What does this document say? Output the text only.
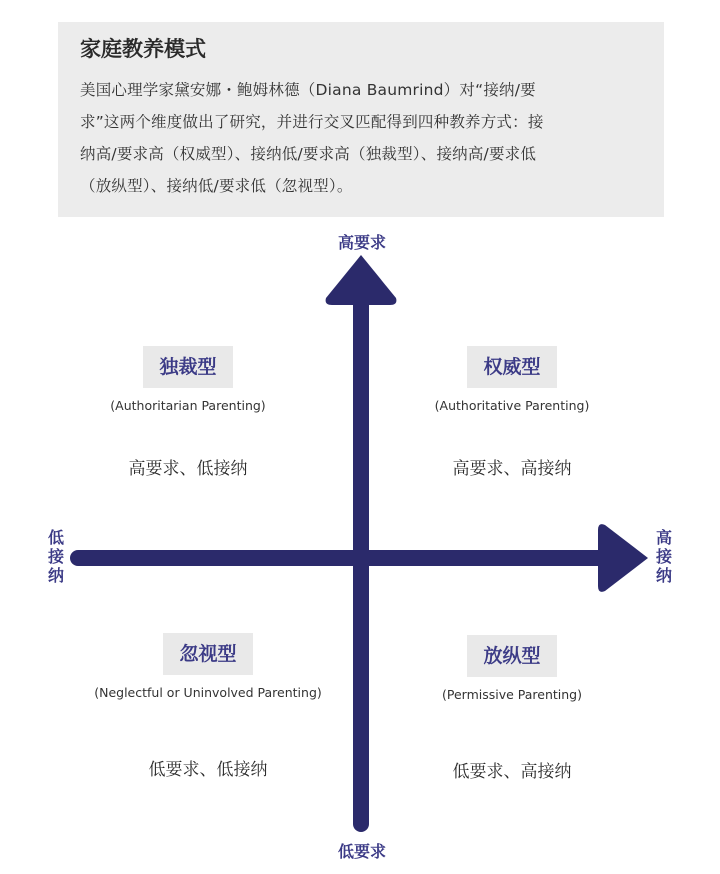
家庭教养模式

美国心理学家黛安娜・鲍姆林德（Diana Baumrind）对“接纳/要
求”这两个维度做出了研究，并进行交叉匹配得到四种教养方式：接
纳高/要求高（权威型）、接纳低/要求高（独裁型）、接纳高/要求低
（放纵型）、接纳低/要求低（忽视型）。

高要求
低要求
低
接
纳
高
接
纳
独裁型
(Authoritarian Parenting)
高要求、低接纳
权威型
(Authoritative Parenting)
高要求、高接纳
忽视型
(Neglectful or Uninvolved Parenting)
低要求、低接纳
放纵型
(Permissive Parenting)
低要求、高接纳
